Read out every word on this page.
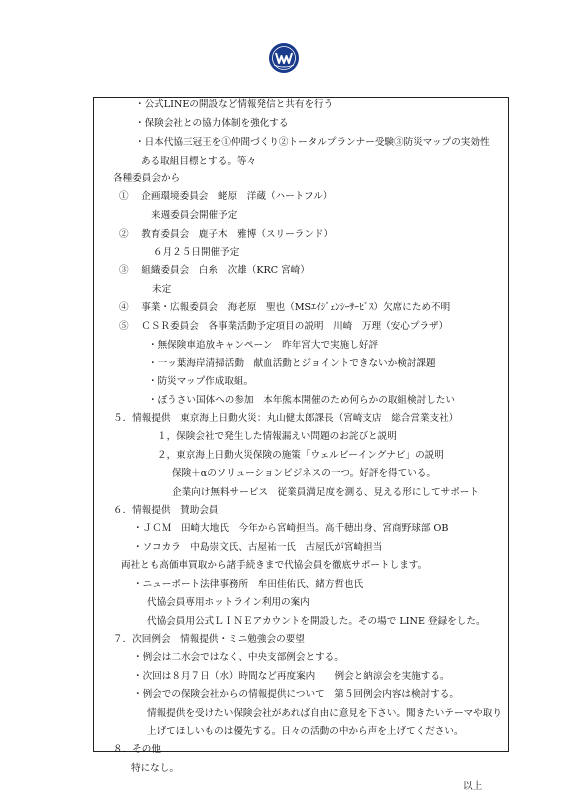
・公式LINEの開設など情報発信と共有を行う
・保険会社との協力体制を強化する
・日本代協三冠王を①仲間づくり②トータルプランナー受験③防災マップの実効性
ある取組目標とする。等々
各種委員会から
①　 企画環境委員会　蛯原　洋蔵（ハートフル）
来週委員会開催予定
②　 教育委員会　鹿子木　雅博（スリーランド）
６月２５日開催予定
③　 組織委員会　白糸　次雄（KRC 宮崎）
未定
④　 事業・広報委員会　海老原　聖也（MSｴｲｼﾞｪﾝｼｰｻｰﾋﾞｽ）欠席にため不明
⑤　 ＣＳＲ委員会　各事業活動予定項目の説明　川崎　万理（安心プラザ）
・無保険車追放キャンペーン　昨年宮大で実施し好評
・一ッ葉海岸清掃活動　献血活動とジョイントできないか検討課題
・防災マップ作成取組。
・ぼうさい国体への参加　本年熊本開催のため何らかの取組検討したい
５．情報提供　東京海上日動火災：丸山健太郎課長（宮崎支店　総合営業支社）
１，保険会社で発生した情報漏えい問題のお詫びと説明
２，東京海上日動火災保険の施策「ウェルビーイングナビ」の説明
保険＋αのソリューションビジネスの一つ。好評を得ている。
企業向け無料サービス　従業員満足度を測る、見える形にしてサポート
６．情報提供　賛助会員
・ＪＣＭ　田崎大地氏　今年から宮崎担当。高千穂出身、宮商野球部 OB
・ソコカラ　中島崇文氏、古屋祐一氏　古屋氏が宮崎担当
両社とも高価車買取から諸手続きまで代協会員を徹底サポートします。
・ニューポート法律事務所　牟田佳佑氏、緒方哲也氏
代協会員専用ホットライン利用の案内
代協会員用公式ＬＩＮＥアカウントを開設した。その場で LINE 登録をした。
７．次回例会　情報提供・ミニ勉強会の要望
・例会は二水会ではなく、中央支部例会とする。
・次回は８月７日（水）時間など再度案内　　例会と納涼会を実施する。
・例会での保険会社からの情報提供について　第５回例会内容は検討する。
情報提供を受けたい保険会社があれば自由に意見を下さい。聞きたいテーマや取り
上げてほしいものは優先する。日々の活動の中から声を上げてください。
８．その他
特になし。
以上
